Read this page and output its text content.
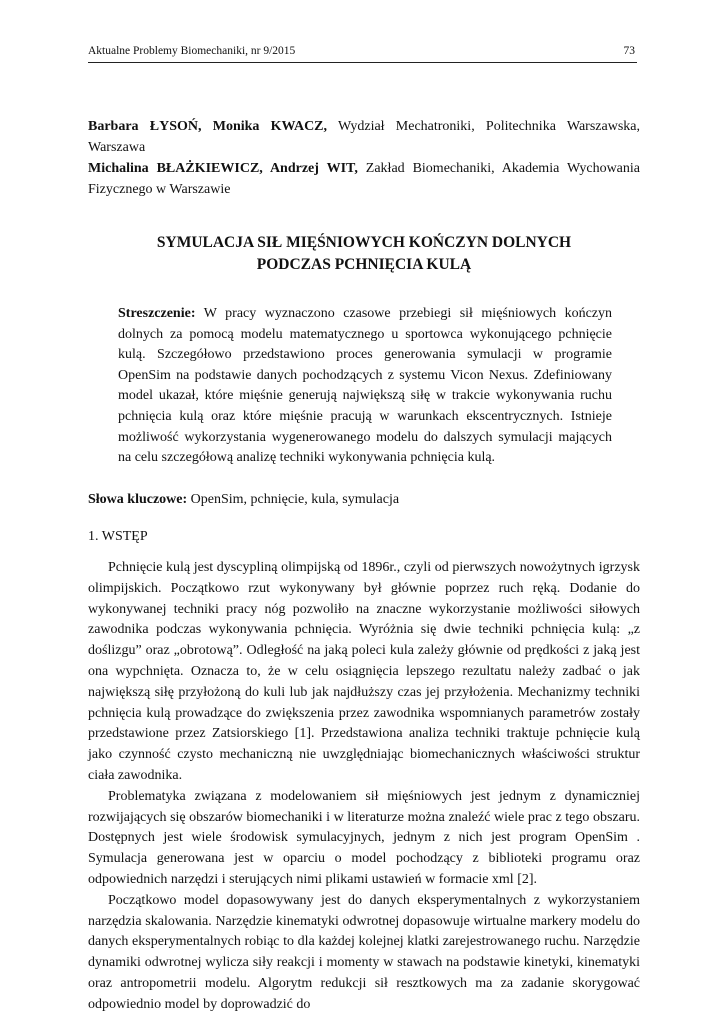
Aktualne Problemy Biomechaniki, nr 9/2015	73

Barbara ŁYSOŃ, Monika KWACZ, Wydział Mechatroniki, Politechnika Warszawska, Warszawa

Michalina BŁAŻKIEWICZ, Andrzej WIT, Zakład Biomechaniki, Akademia Wychowania Fizycznego w Warszawie

SYMULACJA SIŁ MIĘŚNIOWYCH KOŃCZYN DOLNYCH
PODCZAS PCHNIĘCIA KULĄ

Streszczenie: W pracy wyznaczono czasowe przebiegi sił mięśniowych kończyn dolnych za pomocą modelu matematycznego u sportowca wykonującego pchnięcie kulą. Szczegółowo przedstawiono proces generowania symulacji w programie OpenSim na podstawie danych pochodzących z systemu Vicon Nexus. Zdefiniowany model ukazał, które mięśnie generują największą siłę w trakcie wykonywania ruchu pchnięcia kulą oraz które mięśnie pracują w warunkach ekscentrycznych. Istnieje możliwość wykorzystania wygenerowanego modelu do dalszych symulacji mających na celu szczegółową analizę techniki wykonywania pchnięcia kulą.

Słowa kluczowe: OpenSim, pchnięcie, kula, symulacja
1. WSTĘP

Pchnięcie kulą jest dyscypliną olimpijską od 1896r., czyli od pierwszych nowożytnych igrzysk olimpijskich. Początkowo rzut wykonywany był głównie poprzez ruch ręką. Dodanie do wykonywanej techniki pracy nóg pozwoliło na znaczne wykorzystanie możliwości siłowych zawodnika podczas wykonywania pchnięcia. Wyróżnia się dwie techniki pchnięcia kulą: „z doślizgu” oraz „obrotową”. Odległość na jaką poleci kula zależy głównie od prędkości z jaką jest ona wypchnięta. Oznacza to, że w celu osiągnięcia lepszego rezultatu należy zadbać o jak największą siłę przyłożoną do kuli lub jak najdłuższy czas jej przyłożenia. Mechanizmy techniki pchnięcia kulą prowadzące do zwiększenia przez zawodnika wspomnianych parametrów zostały przedstawione przez Zatsiorskiego [1]. Przedstawiona analiza techniki traktuje pchnięcie kulą jako czynność czysto mechaniczną nie uwzględniając biomechanicznych właściwości struktur ciała zawodnika.

Problematyka związana z modelowaniem sił mięśniowych jest jednym z dynamiczniej rozwijających się obszarów biomechaniki i w literaturze można znaleźć wiele prac z tego obszaru. Dostępnych jest wiele środowisk symulacyjnych, jednym z nich jest program OpenSim . Symulacja generowana jest w oparciu o model pochodzący z biblioteki programu oraz odpowiednich narzędzi i sterujących nimi plikami ustawień w formacie xml [2].

Początkowo model dopasowywany jest do danych eksperymentalnych z wykorzystaniem narzędzia skalowania. Narzędzie kinematyki odwrotnej dopasowuje wirtualne markery modelu do danych eksperymentalnych robiąc to dla każdej kolejnej klatki zarejestrowanego ruchu. Narzędzie dynamiki odwrotnej wylicza siły reakcji i momenty w stawach na podstawie kinetyki, kinematyki oraz antropometrii modelu. Algorytm redukcji sił resztkowych ma za zadanie skorygować odpowiednio model by doprowadzić do
